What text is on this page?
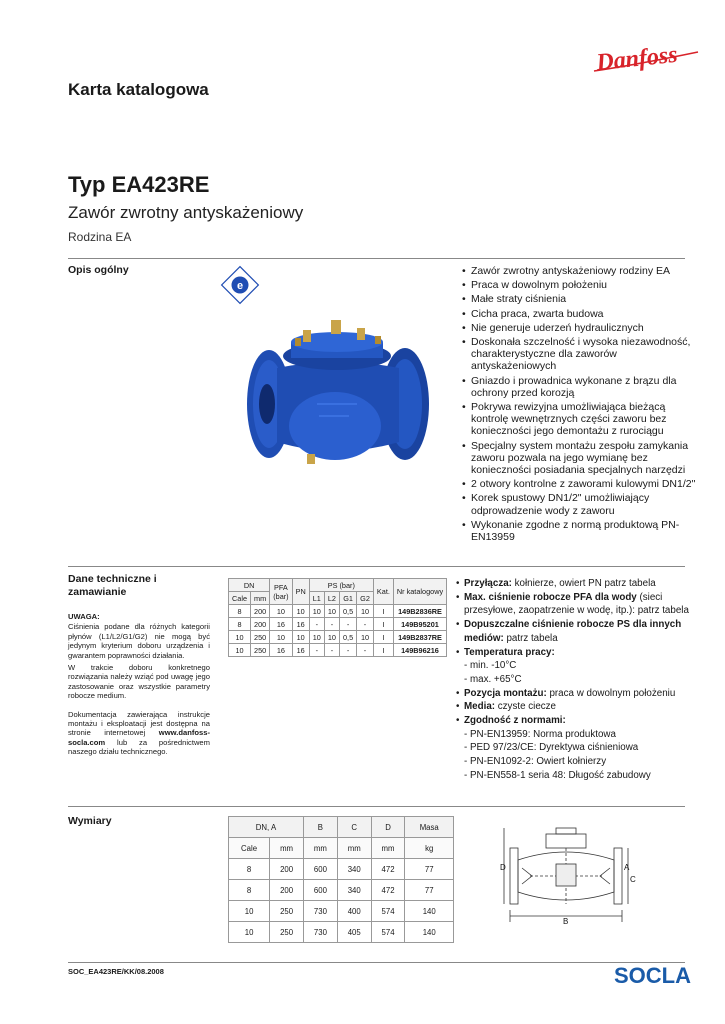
Danfoss
Karta katalogowa
Typ EA423RE
Zawór zwrotny antyskażeniowy
Rodzina EA
Opis ogólny
e
• Zawór zwrotny antyskażeniowy rodziny EA
• Praca w dowolnym położeniu
• Małe straty ciśnienia
• Cicha praca, zwarta budowa
• Nie generuje uderzeń hydraulicznych
• Doskonała szczelność i wysoka niezawodność, charakterystyczne dla zaworów antyskażeniowych
• Gniazdo i prowadnica wykonane z brązu dla ochrony przed korozją
• Pokrywa rewizyjna umożliwiająca bieżącą kontrolę wewnętrznych części zaworu bez konieczności jego demontażu z rurociągu
• Specjalny system montażu zespołu zamykania zaworu pozwala na jego wymianę bez konieczności posiadania specjalnych narzędzi
• 2 otwory kontrolne z zaworami kulowymi DN1/2"
• Korek spustowy DN1/2" umożliwiający odprowadzenie wody z zaworu
• Wykonanie zgodne z normą produktową PN-EN13959
Dane techniczne i zamawianie
UWAGA:

Ciśnienia podane dla różnych kategorii płynów (L1/L2/G1/G2) nie mogą być jedynym kryterium doboru urządzenia i gwarantem poprawności działania.

W trakcie doboru konkretnego rozwiązania należy wziąć pod uwagę jego zastosowanie oraz wszystkie parametry robocze medium.

Dokumentacja zawierająca instrukcje montażu i eksploatacji jest dostępna na stronie internetowej www.danfoss-socla.com lub za pośrednictwem naszego działu technicznego.

DN		PFA (bar)	PN	PS (bar)				Kat.	Nr katalogowy
Cale	mm			L1	L2	G1	G2		
8	200	10	10	10	10	0,5	10	I	149B2836RE
8	200	16	16	-	-	-	-	I	149B95201
10	250	10	10	10	10	0,5	10	I	149B2837RE
10	250	16	16	-	-	-	-	I	149B96216
• Przyłącza: kołnierze, owiert PN patrz tabela
• Max. ciśnienie robocze PFA dla wody (sieci przesyłowe, zaopatrzenie w wodę, itp.): patrz tabela
• Dopuszczalne ciśnienie robocze PS dla innych mediów: patrz tabela
• Temperatura pracy:
- min. -10°C
- max. +65°C
• Pozycja montażu: praca w dowolnym położeniu
• Media: czyste ciecze
• Zgodność z normami:
- PN-EN13959: Norma produktowa
- PED 97/23/CE: Dyrektywa ciśnieniowa
- PN-EN1092-2: Owiert kołnierzy
- PN-EN558-1 seria 48: Długość zabudowy
Wymiary	DN, A		B	C	D	Masa
Cale	mm	mm	mm	mm	kg
8	200	600	340	472	77
8	200	600	340	472	77
10	250	730	400	574	140
10	250	730	405	574	140
D	A
C
B
SOC_EA423RE/KK/08.2008	SOCLA
